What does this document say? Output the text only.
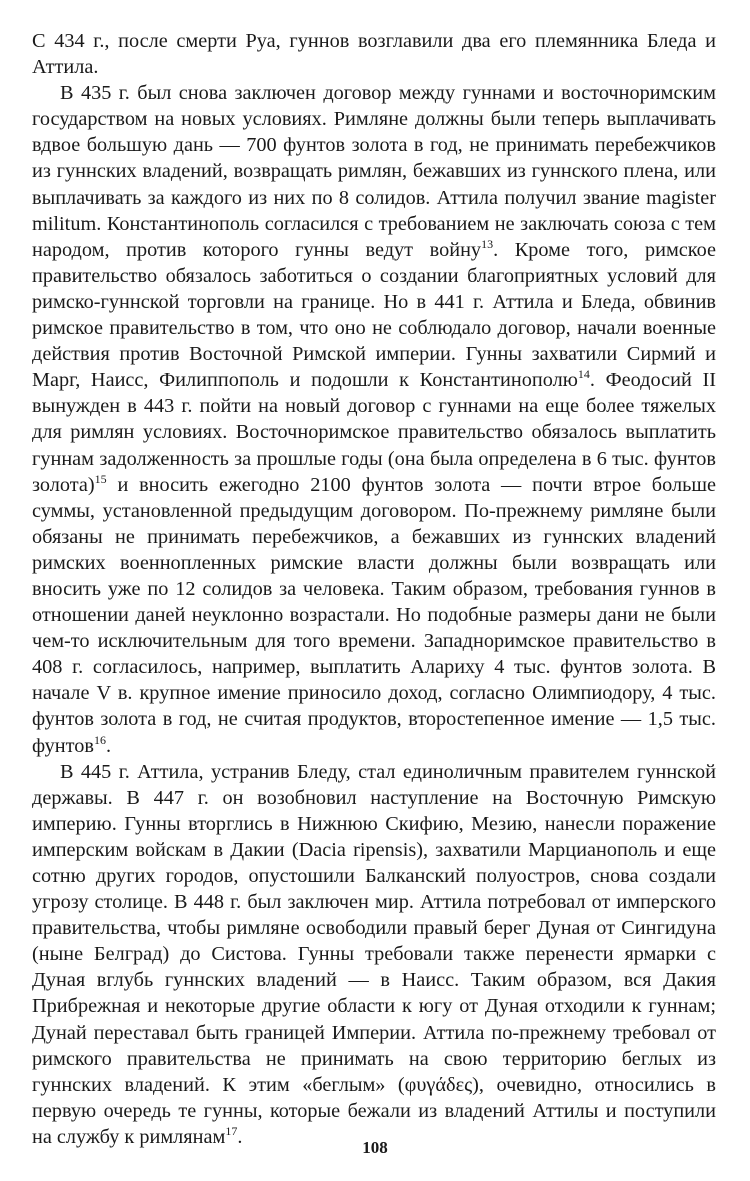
С 434 г., после смерти Руа, гуннов возглавили два его племянника Бледа и Аттила.

В 435 г. был снова заключен договор между гуннами и восточноримским государством на новых условиях. Римляне должны были теперь выплачивать вдвое большую дань — 700 фунтов золота в год, не принимать перебежчиков из гуннских владений, возвращать римлян, бежавших из гуннского плена, или выплачивать за каждого из них по 8 солидов. Аттила получил звание magister militum. Константинополь согласился с требованием не заключать союза с тем народом, против которого гунны ведут войну$^{13}$. Кроме того, римское правительство обязалось заботиться о создании благоприятных условий для римско-гуннской торговли на границе. Но в 441 г. Аттила и Бледа, обвинив римское правительство в том, что оно не соблюдало договор, начали военные действия против Восточной Римской империи. Гунны захватили Сирмий и Марг, Наисс, Филиппополь и подошли к Константинополю$^{14}$. Феодосий II вынужден в 443 г. пойти на новый договор с гуннами на еще более тяжелых для римлян условиях. Восточноримское правительство обязалось выплатить гуннам задолженность за прошлые годы (она была определена в 6 тыс. фунтов золота)$^{15}$ и вносить ежегодно 2100 фунтов золота — почти втрое больше суммы, установленной предыдущим договором. По-прежнему римляне были обязаны не принимать перебежчиков, а бежавших из гуннских владений римских военнопленных римские власти должны были возвращать или вносить уже по 12 солидов за человека. Таким образом, требования гуннов в отношении даней неуклонно возрастали. Но подобные размеры дани не были чем-то исключительным для того времени. Западноримское правительство в 408 г. согласилось, например, выплатить Алариху 4 тыс. фунтов золота. В начале V в. крупное имение приносило доход, согласно Олимпиодору, 4 тыс. фунтов золота в год, не считая продуктов, второстепенное имение — 1,5 тыс. фунтов$^{16}$.

В 445 г. Аттила, устранив Бледу, стал единоличным правителем гуннской державы. В 447 г. он возобновил наступление на Восточную Римскую империю. Гунны вторглись в Нижнюю Скифию, Мезию, нанесли поражение имперским войскам в Дакии (Dacia ripensis), захватили Марцианополь и еще сотню других городов, опустошили Балканский полуостров, снова создали угрозу столице. В 448 г. был заключен мир. Аттила потребовал от имперского правительства, чтобы римляне освободили правый берег Дуная от Сингидуна (ныне Белград) до Систова. Гунны требовали также перенести ярмарки с Дуная вглубь гуннских владений — в Наисс. Таким образом, вся Дакия Прибрежная и некоторые другие области к югу от Дуная отходили к гуннам; Дунай переставал быть границей Империи. Аттила по-прежнему требовал от римского правительства не принимать на свою территорию беглых из гуннских владений. К этим «беглым» (φυγάδες), очевидно, относились в первую очередь те гунны, которые бежали из владений Аттилы и поступили на службу к римлянам$^{17}$.	108
